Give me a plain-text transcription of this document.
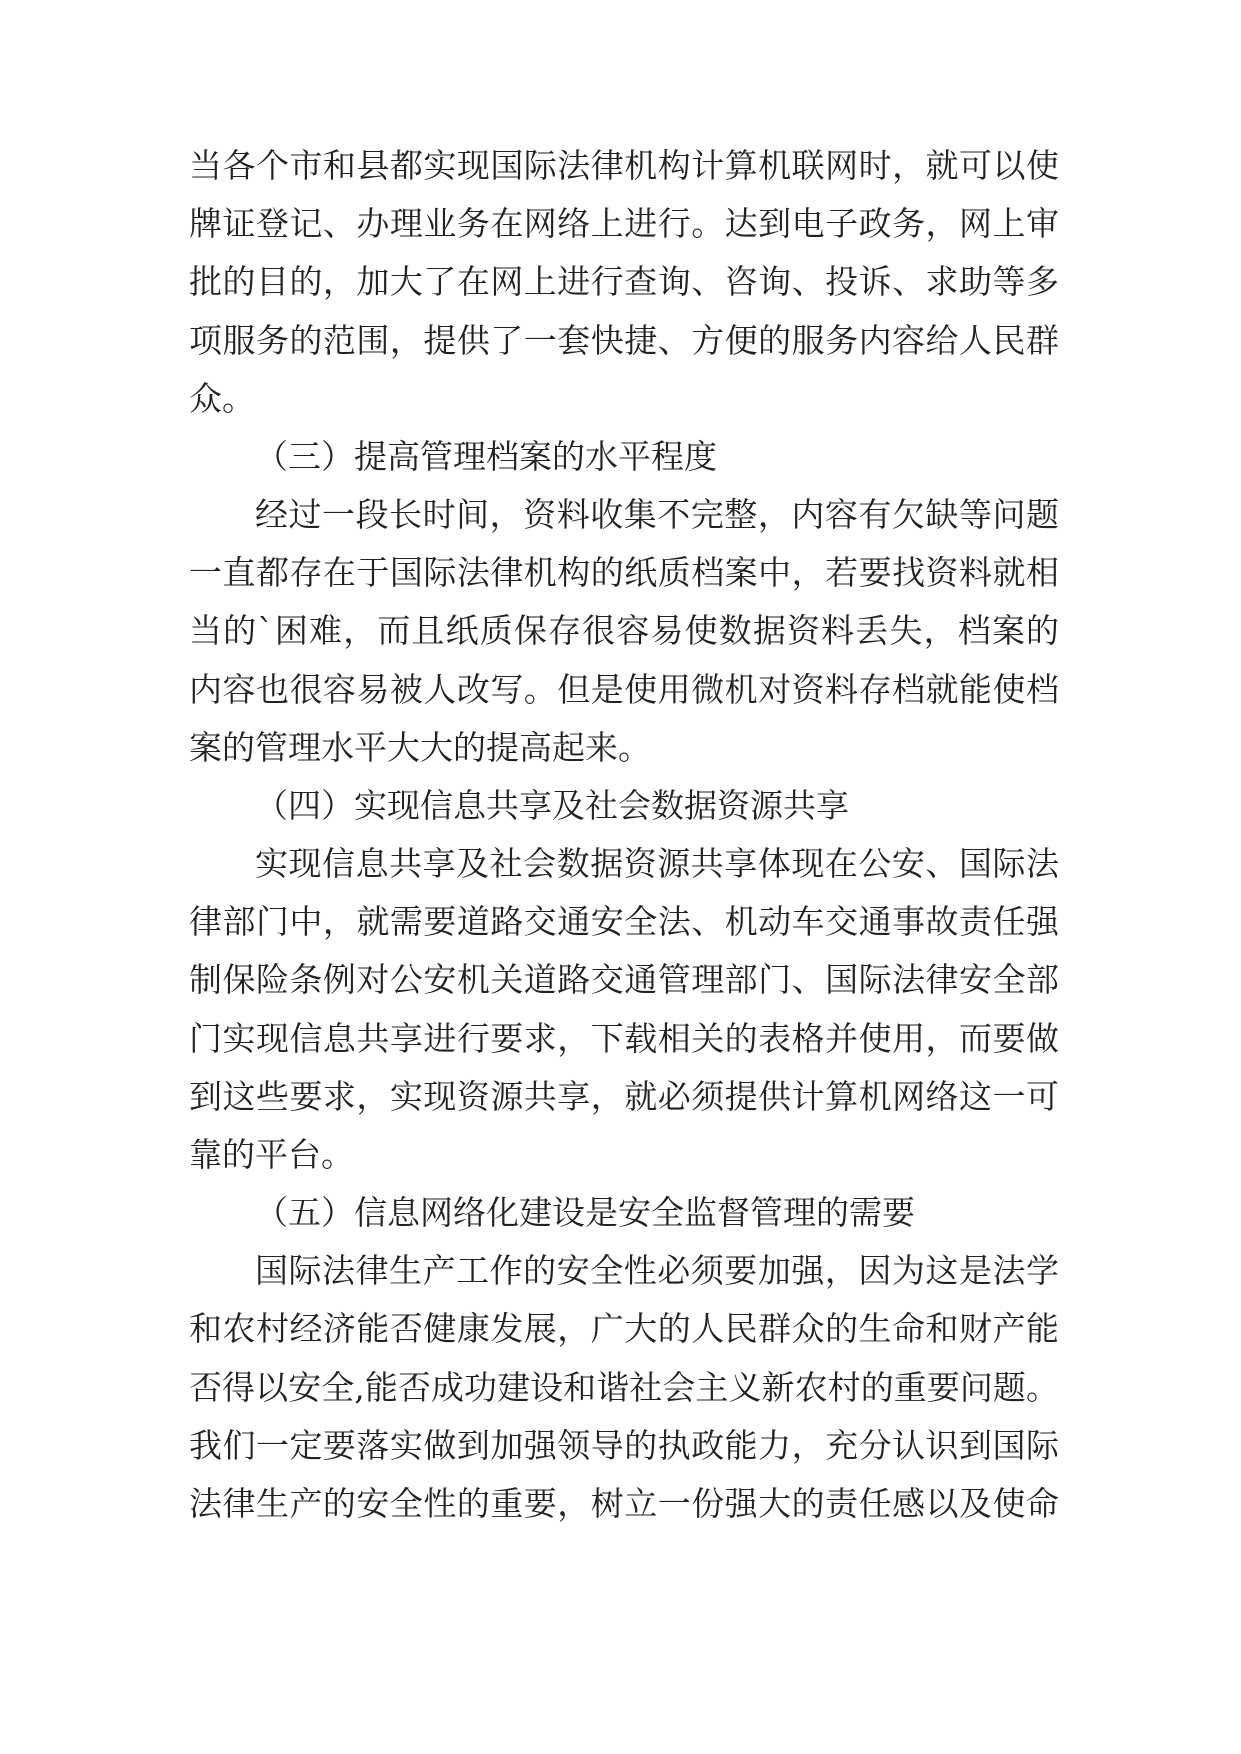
当各个市和县都实现国际法律机构计算机联网时，就可以使
牌证登记、办理业务在网络上进行。达到电子政务，网上审
批的目的，加大了在网上进行查询、咨询、投诉、求助等多
项服务的范围，提供了一套快捷、方便的服务内容给人民群
众。
（三）提高管理档案的水平程度
经过一段长时间，资料收集不完整，内容有欠缺等问题
一直都存在于国际法律机构的纸质档案中，若要找资料就相
当的`困难，而且纸质保存很容易使数据资料丢失，档案的
内容也很容易被人改写。但是使用微机对资料存档就能使档
案的管理水平大大的提高起来。
（四）实现信息共享及社会数据资源共享
实现信息共享及社会数据资源共享体现在公安、国际法
律部门中，就需要道路交通安全法、机动车交通事故责任强
制保险条例对公安机关道路交通管理部门、国际法律安全部
门实现信息共享进行要求，下载相关的表格并使用，而要做
到这些要求，实现资源共享，就必须提供计算机网络这一可
靠的平台。
（五）信息网络化建设是安全监督管理的需要
国际法律生产工作的安全性必须要加强，因为这是法学
和农村经济能否健康发展，广大的人民群众的生命和财产能
否得以安全,能否成功建设和谐社会主义新农村的重要问题。
我们一定要落实做到加强领导的执政能力，充分认识到国际
法律生产的安全性的重要，树立一份强大的责任感以及使命
